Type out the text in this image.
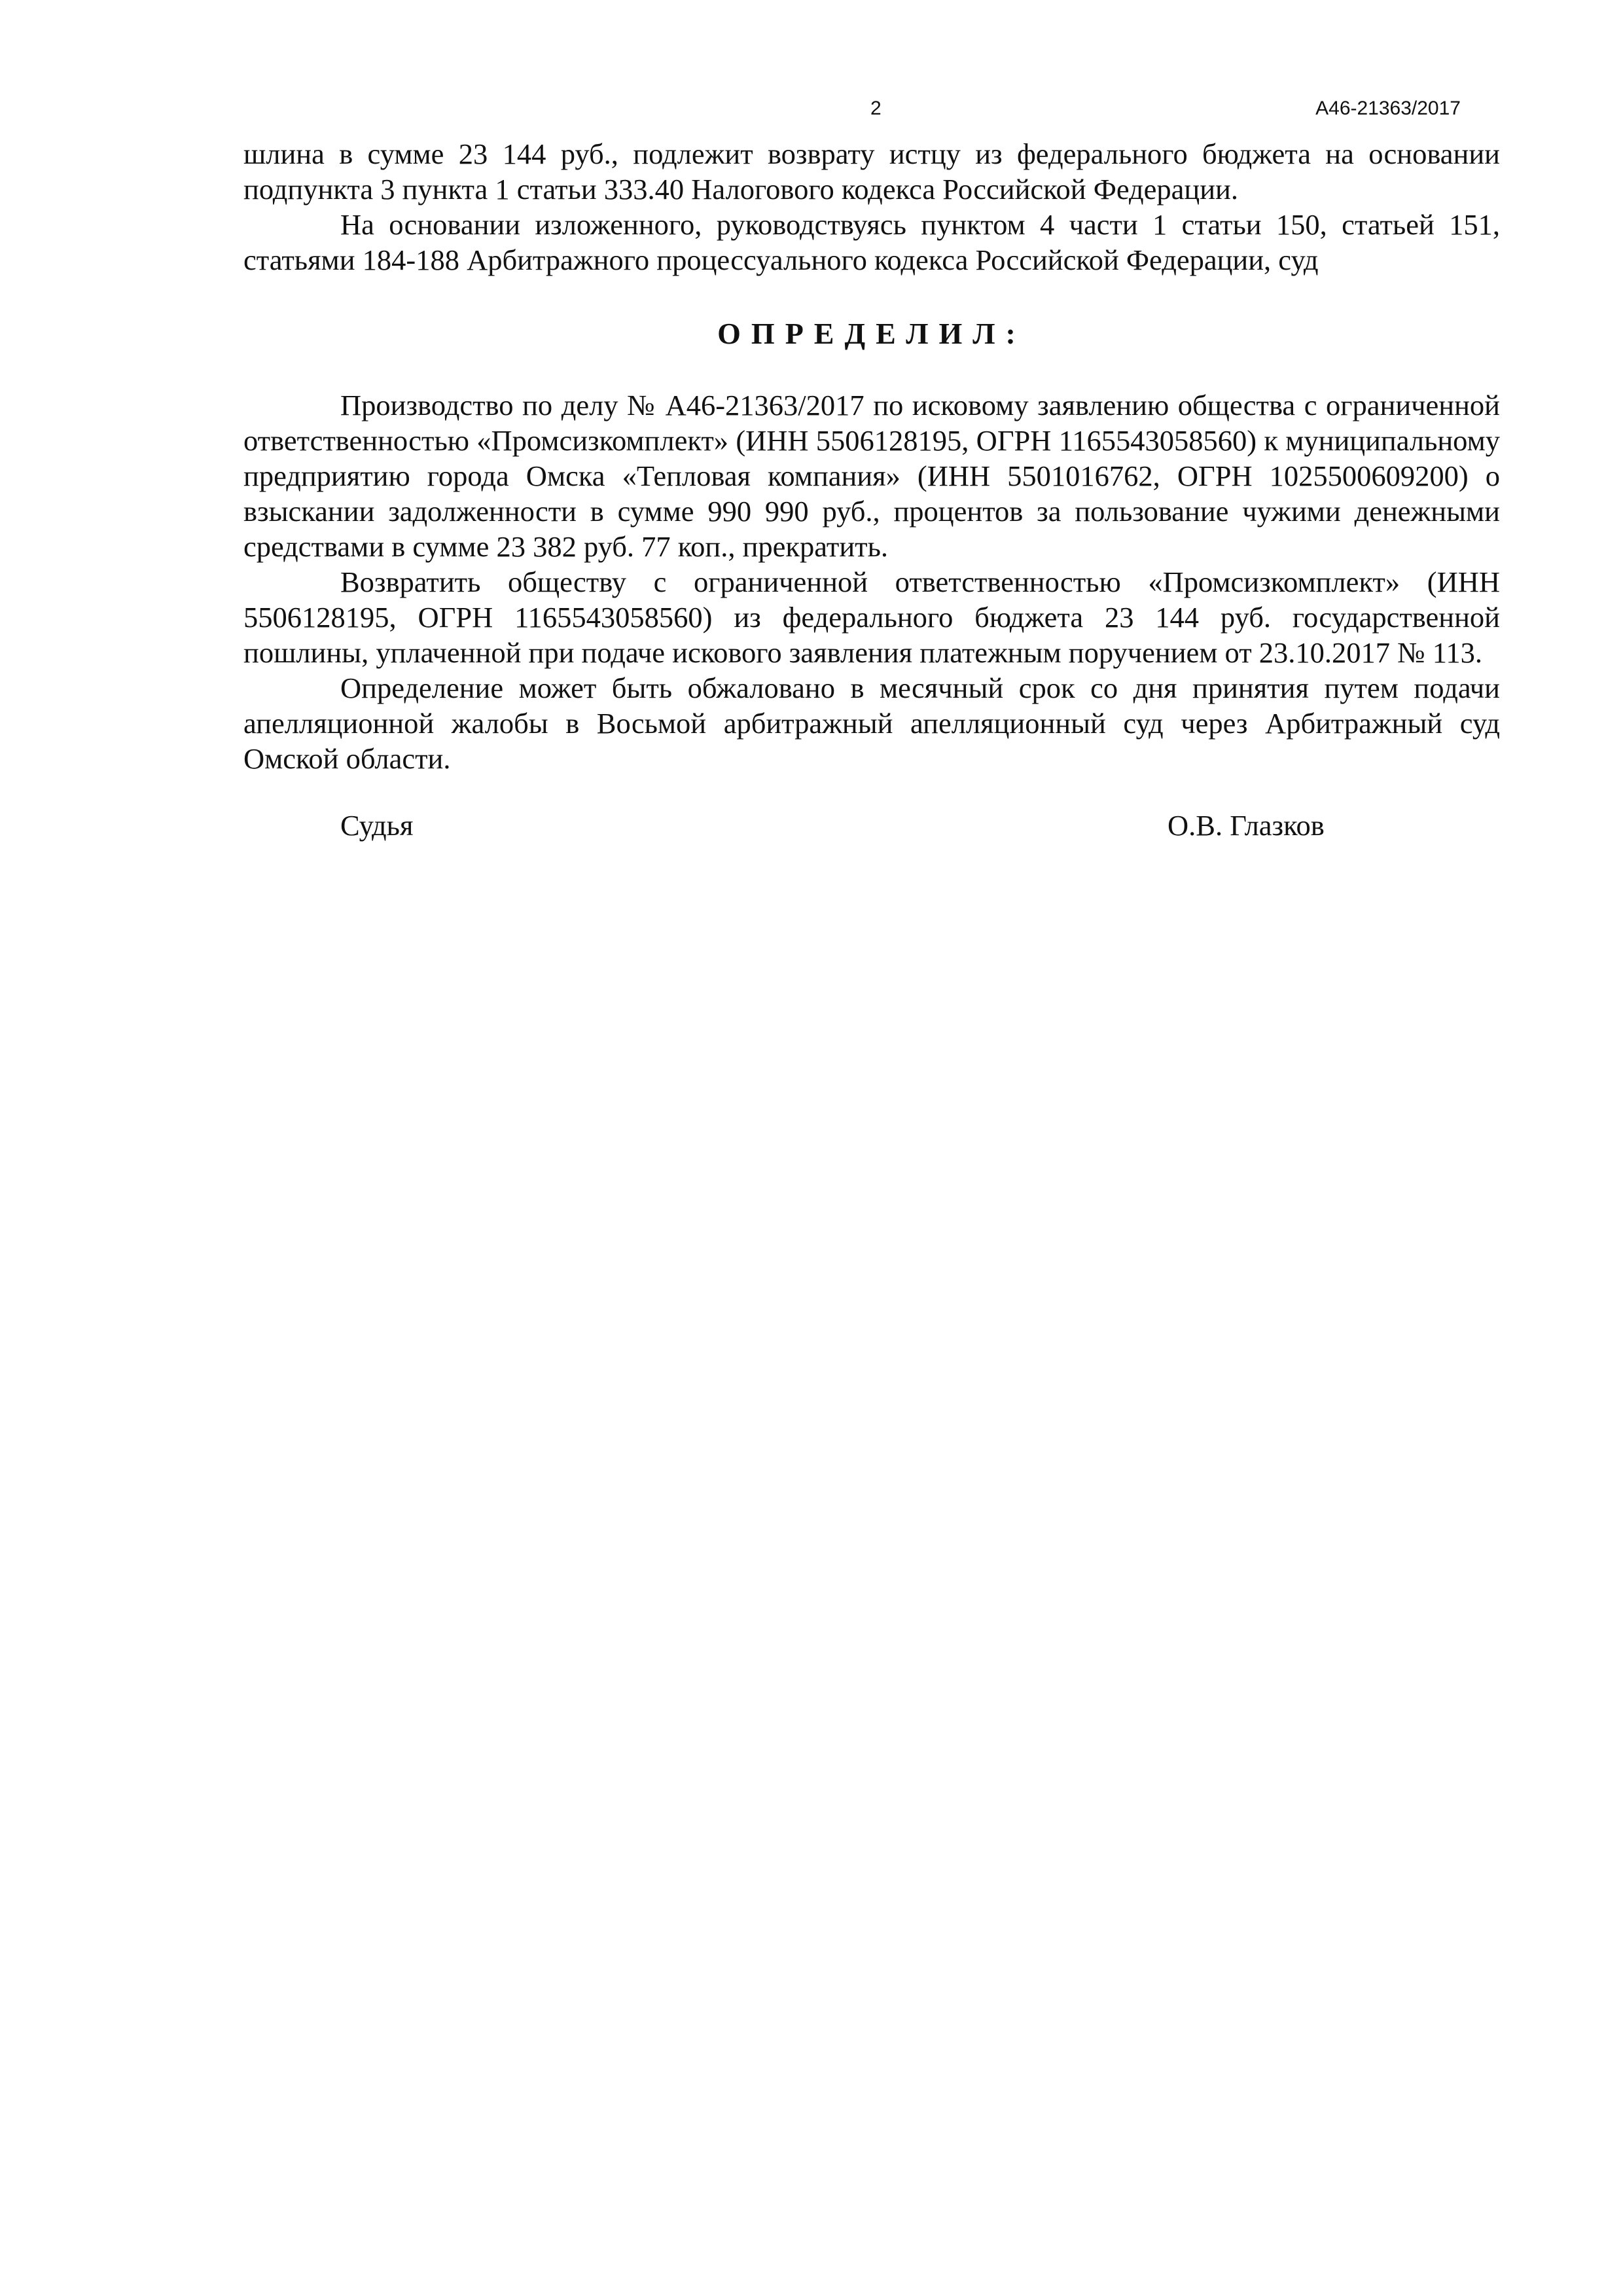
2	А46-21363/2017

шлина в сумме 23 144 руб., подлежит возврату истцу из федерального бюджета на основании подпункта 3 пункта 1 статьи 333.40 Налогового кодекса Российской Федерации.

На основании изложенного, руководствуясь пунктом 4 части 1 статьи 150, статьей 151, статьями 184-188 Арбитражного процессуального кодекса Российской Федерации, суд

ОПРЕДЕЛИЛ:

Производство по делу № А46-21363/2017 по исковому заявлению общества с ограниченной ответственностью «Промсизкомплект» (ИНН 5506128195, ОГРН 1165543058560) к муниципальному предприятию города Омска «Тепловая компания» (ИНН 5501016762, ОГРН 1025500609200) о взыскании задолженности в сумме 990 990 руб., процентов за пользование чужими денежными средствами в сумме 23 382 руб. 77 коп., прекратить.

Возвратить обществу с ограниченной ответственностью «Промсизкомплект» (ИНН 5506128195, ОГРН 1165543058560) из федерального бюджета 23 144 руб. государственной пошлины, уплаченной при подаче искового заявления платежным поручением от 23.10.2017 № 113.

Определение может быть обжаловано в месячный срок со дня принятия путем подачи апелляционной жалобы в Восьмой арбитражный апелляционный суд через Арбитражный суд Омской области.

Судья	О.В. Глазков
